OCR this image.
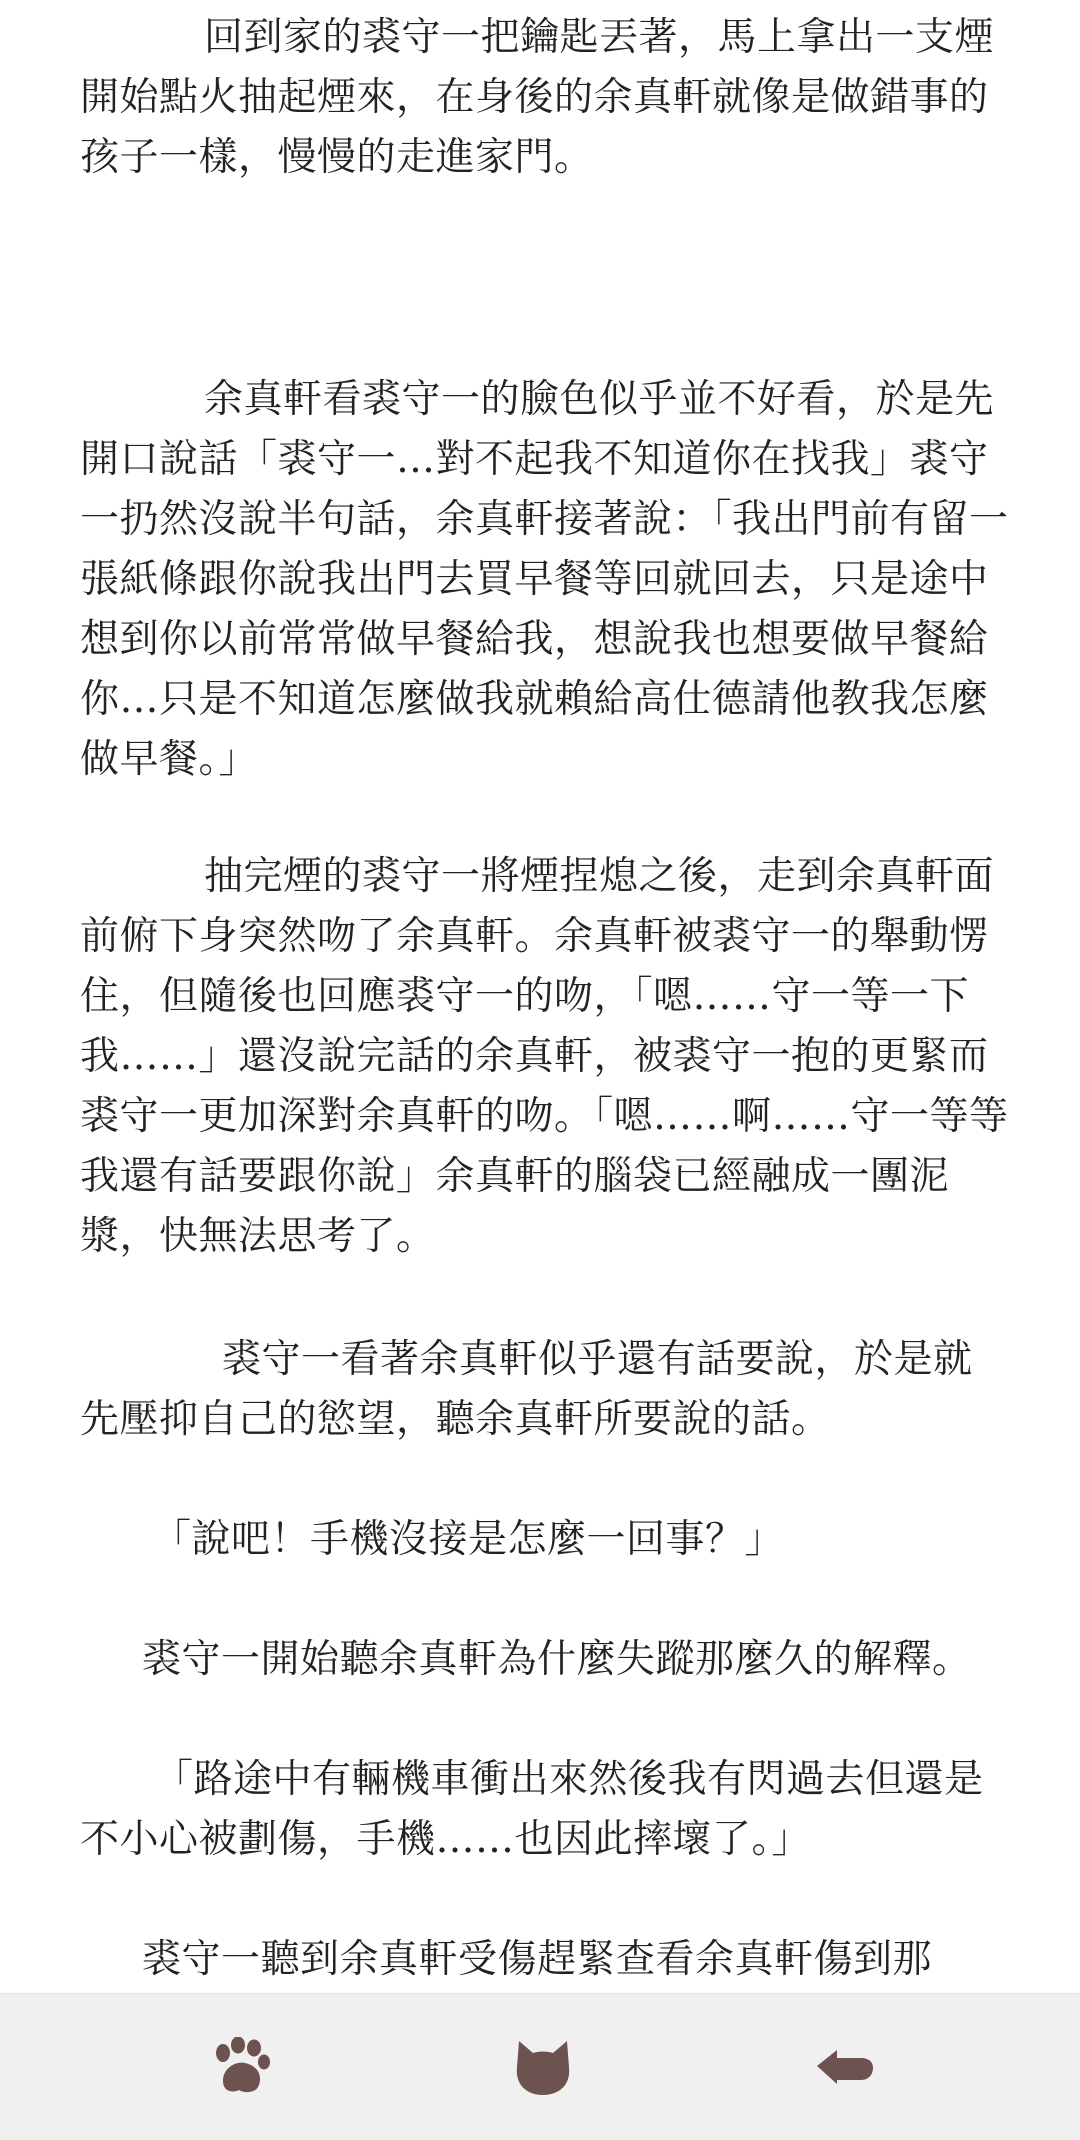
回到家的裘守一把鑰匙丟著，馬上拿出一支煙開始點火抽起煙來，在身後的余真軒就像是做錯事的孩子一樣，慢慢的走進家門。

余真軒看裘守一的臉色似乎並不好看，於是先開口說話「裘守一…對不起我不知道你在找我」裘守一扔然沒說半句話，余真軒接著說：「我出門前有留一張紙條跟你說我出門去買早餐等回就回去，只是途中想到你以前常常做早餐給我，想說我也想要做早餐給你…只是不知道怎麼做我就賴給高仕德請他教我怎麼做早餐。」

抽完煙的裘守一將煙捏熄之後，走到余真軒面前俯下身突然吻了余真軒。余真軒被裘守一的舉動愣住，但隨後也回應裘守一的吻，「嗯……守一等一下我……」還沒說完話的余真軒，被裘守一抱的更緊而裘守一更加深對余真軒的吻。「嗯……啊……守一等等我還有話要跟你說」余真軒的腦袋已經融成一團泥漿，快無法思考了。

裘守一看著余真軒似乎還有話要說，於是就先壓抑自己的慾望，聽余真軒所要說的話。

「說吧！手機沒接是怎麼一回事？」

裘守一開始聽余真軒為什麼失蹤那麼久的解釋。

「路途中有輛機車衝出來然後我有閃過去但還是不小心被劃傷，手機……也因此摔壞了。」

裘守一聽到余真軒受傷趕緊查看余真軒傷到那
